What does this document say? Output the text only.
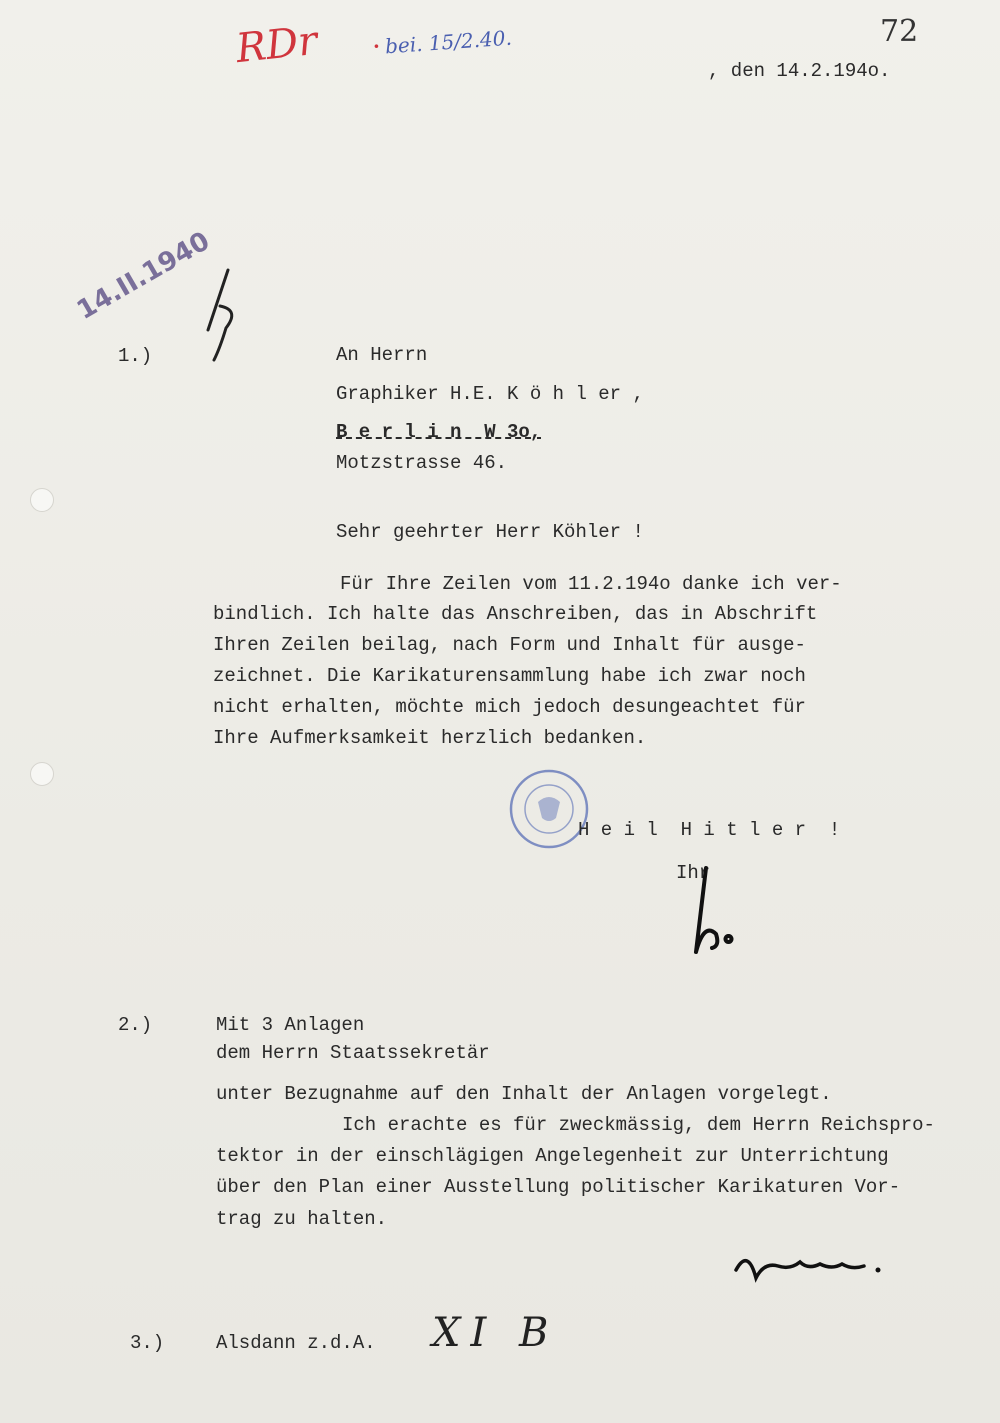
72
RDr · bei. 15/2.40.
, den 14.2.194o.
14.II.1940
1.)	An Herrn
Graphiker H.E. K ö h l er ,
B e r l i n  W 3o,
Motzstrasse 46.
Sehr geehrter Herr Köhler !
Für Ihre Zeilen vom 11.2.194o danke ich ver-
bindlich. Ich halte das Anschreiben, das in Abschrift
Ihren Zeilen beilag, nach Form und Inhalt für ausge-
zeichnet. Die Karikaturensammlung habe ich zwar noch
nicht erhalten, möchte mich jedoch desungeachtet für
Ihre Aufmerksamkeit herzlich bedanken.
H e i l  H i t l e r  !
Ihr
2.)	Mit 3 Anlagen
dem Herrn Staatssekretär
unter Bezugnahme auf den Inhalt der Anlagen vorgelegt.
Ich erachte es für zweckmässig, dem Herrn Reichspro-
tektor in der einschlägigen Angelegenheit zur Unterrichtung
über den Plan einer Ausstellung politischer Karikaturen Vor-
trag zu halten.
3.)	Alsdann z.d.A. XI B
